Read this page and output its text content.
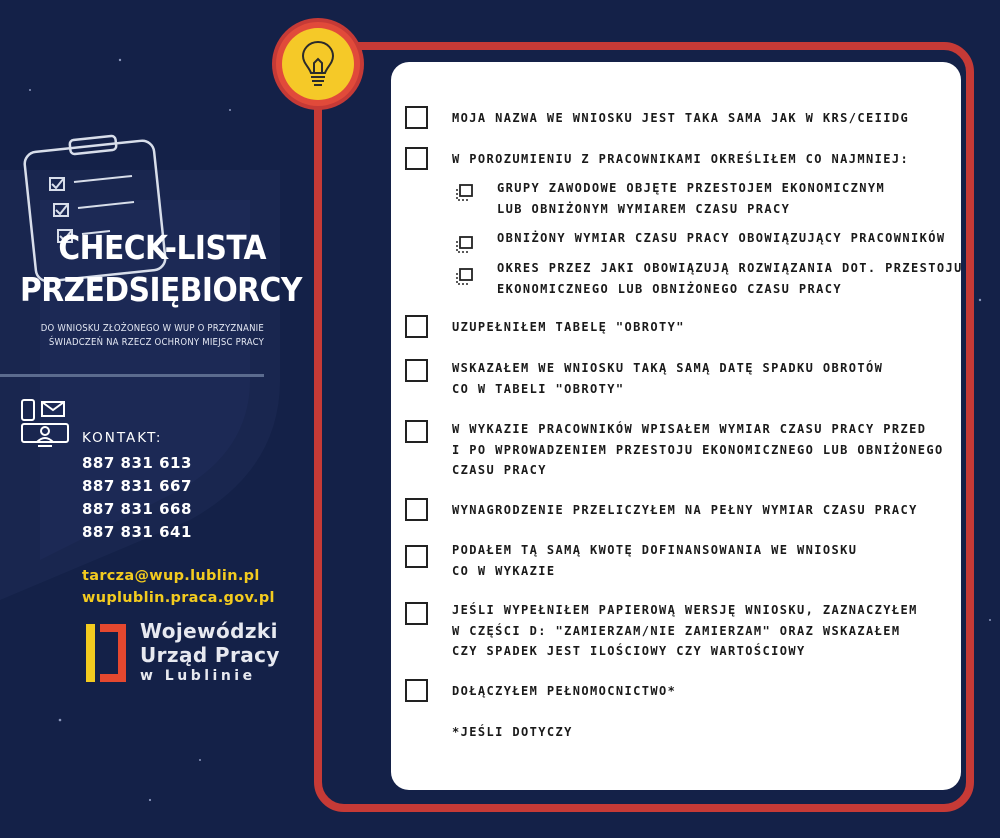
CHECK-LISTA
PRZEDSIĘBIORCY
DO WNIOSKU ZŁOŻONEGO W WUP O PRZYZNANIE
ŚWIADCZEŃ NA RZECZ OCHRONY MIEJSC PRACY
KONTAKT:
887 831 613
887 831 667
887 831 668
887 831 641
tarcza@wup.lublin.pl
wuplublin.praca.gov.pl
Wojewódzki
Urząd Pracy
w Lublinie
MOJA NAZWA WE WNIOSKU JEST TAKA SAMA JAK W KRS/CEIIDG
W POROZUMIENIU Z PRACOWNIKAMI OKREŚLIŁEM CO NAJMNIEJ:
GRUPY ZAWODOWE OBJĘTE PRZESTOJEM EKONOMICZNYM
LUB OBNIŻONYM WYMIAREM CZASU PRACY
OBNIŻONY WYMIAR CZASU PRACY OBOWIĄZUJĄCY PRACOWNIKÓW
OKRES PRZEZ JAKI OBOWIĄZUJĄ ROZWIĄZANIA DOT. PRZESTOJU
EKONOMICZNEGO LUB OBNIŻONEGO CZASU PRACY
UZUPEŁNIŁEM TABELĘ "OBROTY"
WSKAZAŁEM WE WNIOSKU TAKĄ SAMĄ DATĘ SPADKU OBROTÓW
CO W TABELI "OBROTY"
W WYKAZIE PRACOWNIKÓW WPISAŁEM WYMIAR CZASU PRACY PRZED
I PO WPROWADZENIEM PRZESTOJU EKONOMICZNEGO LUB OBNIŻONEGO
CZASU PRACY
WYNAGRODZENIE PRZELICZYŁEM NA PEŁNY WYMIAR CZASU PRACY
PODAŁEM TĄ SAMĄ KWOTĘ DOFINANSOWANIA WE WNIOSKU
CO W WYKAZIE
JEŚLI WYPEŁNIŁEM PAPIEROWĄ WERSJĘ WNIOSKU, ZAZNACZYŁEM
W CZĘŚCI D: "ZAMIERZAM/NIE ZAMIERZAM" ORAZ WSKAZAŁEM
CZY SPADEK JEST ILOŚCIOWY CZY WARTOŚCIOWY
DOŁĄCZYŁEM PEŁNOMOCNICTWO*
*JEŚLI DOTYCZY
